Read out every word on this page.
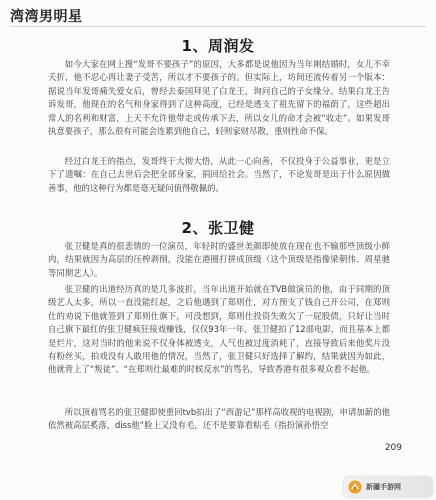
湾湾男明星
1、周润发

如今大家在网上搜“发哥不要孩子”的原因，大多都是说他因为当年刚结婚时，女儿不幸夭折，他不忍心再让妻子受苦，所以才不要孩子的。但实际上，坊间还流传着另一个版本：据说当年发哥痛失爱女后，曾经去泰国拜见了白龙王，询问自己的子女缘分。结果白龙王告诉发哥，他现在的名气和身家得到了这种高度，已经是透支了祖先留下的福荫了，这些超出常人的名利和财富，上天不允许他带走或传承下去，所以女儿的命才会被“收走”。如果发哥执意要孩子，那么很有可能会连累到他自己，轻则家财尽散，重则性命不保。

经过白龙王的指点，发哥终于大彻大悟，从此一心向善，不仅投身于公益事业，更是立下了遗嘱：在自己去世后会把全部身家，捐回给社会。当然了，不论发哥是出于什么原因做善事，他的这种行为都是毫无疑问值得敬佩的。

2、张卫健

张卫健是真的很悲情的一位演员，年轻时的盛世美颜即使放在现在也不输那些顶级小鲜肉，结果就因为高层的压榨剥削，没能在港圈打拼成顶级（这个顶级是指像梁朝伟、周星驰等同期艺人）。

张卫健的出道经历真的是几多波折，当年出道开始就在TVB做演员的他，由于同期的顶级艺人太多，所以一直没能红起，之后他遇到了郑则仕，对方预支了钱自己开公司，在郑则仕的劝说下他就签到了郑则仕旗下，可没想到，郑则仕投资失败欠了一屁股债，只好让当时自己旗下最红的张卫健疯狂接戏赚钱，仅仅93年一年，张卫健拍了12部电影，而且基本上都是烂片，这对当时的他来说不仅身体被透支，人气也被过度消耗了，直接导致后来他奖片没有粉丝买，拍戏没有人敢用他的情况，当然了，张卫健只好选择了解约，结果就因为如此，他就背上了“叛徒”、“在郑则仕最难的时候反水”的骂名，导致香港有很多观众看不起他。

所以顶着骂名的张卫健即使重回tvb拍出了“西游记”那样高收视的电视剧，申请加薪的他依然被高层奚落，diss他“脸上又没有毛，还不是要靠看粘毛（指扮演孙悟空

209
新疆手游网
